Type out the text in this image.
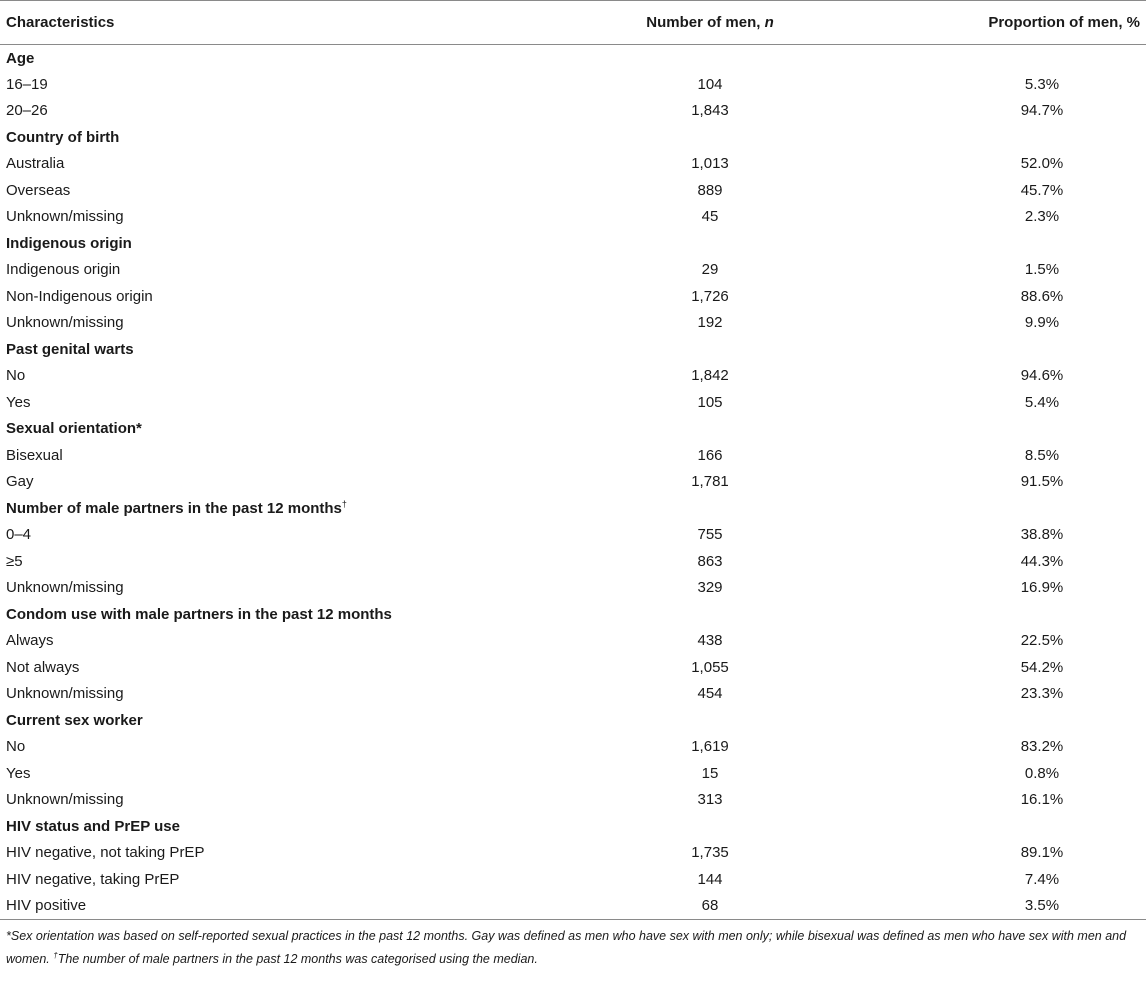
Characteristics	Number of men, n	Proportion of men, %
Age		
16–19	104	5.3%
20–26	1,843	94.7%
Country of birth		
Australia	1,013	52.0%
Overseas	889	45.7%
Unknown/missing	45	2.3%
Indigenous origin		
Indigenous origin	29	1.5%
Non-Indigenous origin	1,726	88.6%
Unknown/missing	192	9.9%
Past genital warts		
No	1,842	94.6%
Yes	105	5.4%
Sexual orientation*		
Bisexual	166	8.5%
Gay	1,781	91.5%
Number of male partners in the past 12 months†
0–4	755	38.8%
≥5	863	44.3%
Unknown/missing	329	16.9%
Condom use with male partners in the past 12 months		
Always	438	22.5%
Not always	1,055	54.2%
Unknown/missing	454	23.3%
Current sex worker		
No	1,619	83.2%
Yes	15	0.8%
Unknown/missing	313	16.1%
HIV status and PrEP use		
HIV negative, not taking PrEP	1,735	89.1%
HIV negative, taking PrEP	144	7.4%
HIV positive	68	3.5%
*Sex orientation was based on self-reported sexual practices in the past 12 months. Gay was defined as men who have sex with men only; while bisexual was defined as men who have sex with men and women. †The number of male partners in the past 12 months was categorised using the median.
